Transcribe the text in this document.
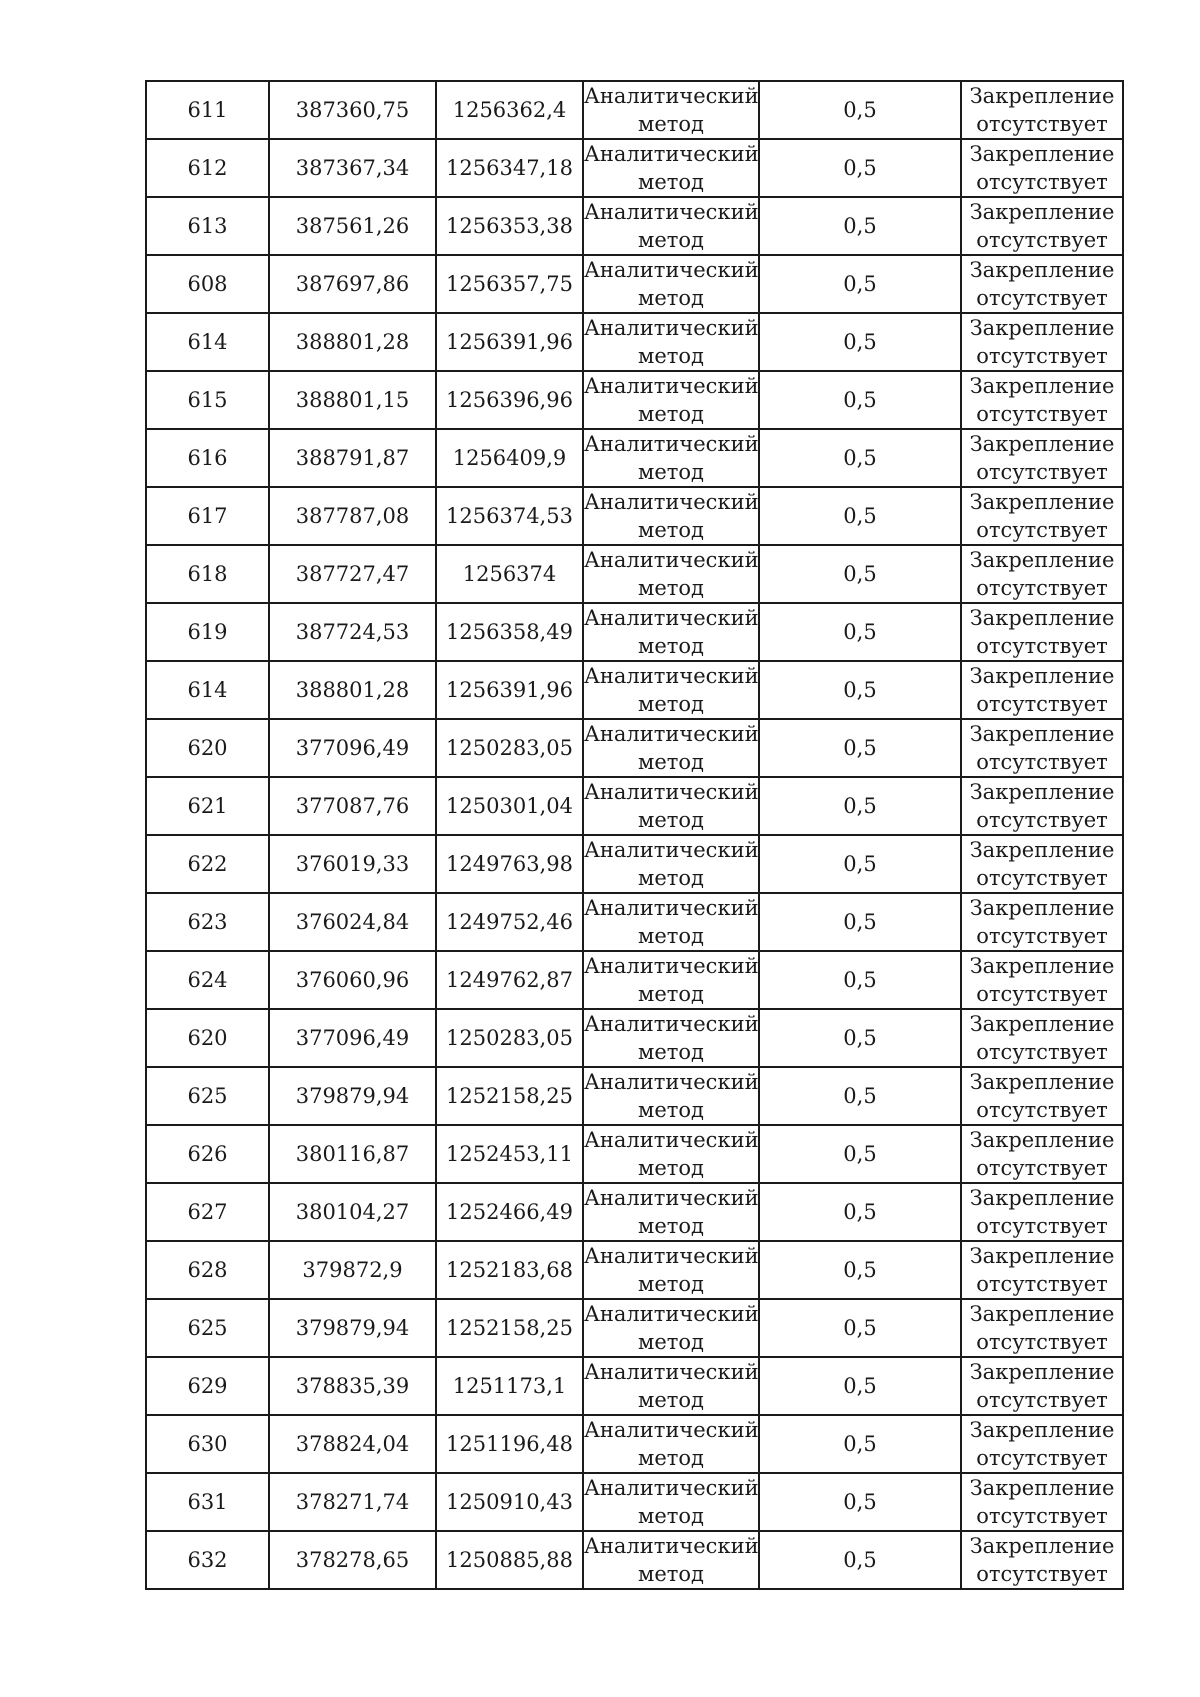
611	387360,75	1256362,4	Аналитический метод	0,5	Закрепление отсутствует
612	387367,34	1256347,18	Аналитический метод	0,5	Закрепление отсутствует
613	387561,26	1256353,38	Аналитический метод	0,5	Закрепление отсутствует
608	387697,86	1256357,75	Аналитический метод	0,5	Закрепление отсутствует
614	388801,28	1256391,96	Аналитический метод	0,5	Закрепление отсутствует
615	388801,15	1256396,96	Аналитический метод	0,5	Закрепление отсутствует
616	388791,87	1256409,9	Аналитический метод	0,5	Закрепление отсутствует
617	387787,08	1256374,53	Аналитический метод	0,5	Закрепление отсутствует
618	387727,47	1256374	Аналитический метод	0,5	Закрепление отсутствует
619	387724,53	1256358,49	Аналитический метод	0,5	Закрепление отсутствует
614	388801,28	1256391,96	Аналитический метод	0,5	Закрепление отсутствует
620	377096,49	1250283,05	Аналитический метод	0,5	Закрепление отсутствует
621	377087,76	1250301,04	Аналитический метод	0,5	Закрепление отсутствует
622	376019,33	1249763,98	Аналитический метод	0,5	Закрепление отсутствует
623	376024,84	1249752,46	Аналитический метод	0,5	Закрепление отсутствует
624	376060,96	1249762,87	Аналитический метод	0,5	Закрепление отсутствует
620	377096,49	1250283,05	Аналитический метод	0,5	Закрепление отсутствует
625	379879,94	1252158,25	Аналитический метод	0,5	Закрепление отсутствует
626	380116,87	1252453,11	Аналитический метод	0,5	Закрепление отсутствует
627	380104,27	1252466,49	Аналитический метод	0,5	Закрепление отсутствует
628	379872,9	1252183,68	Аналитический метод	0,5	Закрепление отсутствует
625	379879,94	1252158,25	Аналитический метод	0,5	Закрепление отсутствует
629	378835,39	1251173,1	Аналитический метод	0,5	Закрепление отсутствует
630	378824,04	1251196,48	Аналитический метод	0,5	Закрепление отсутствует
631	378271,74	1250910,43	Аналитический метод	0,5	Закрепление отсутствует
632	378278,65	1250885,88	Аналитический метод	0,5	Закрепление отсутствует
